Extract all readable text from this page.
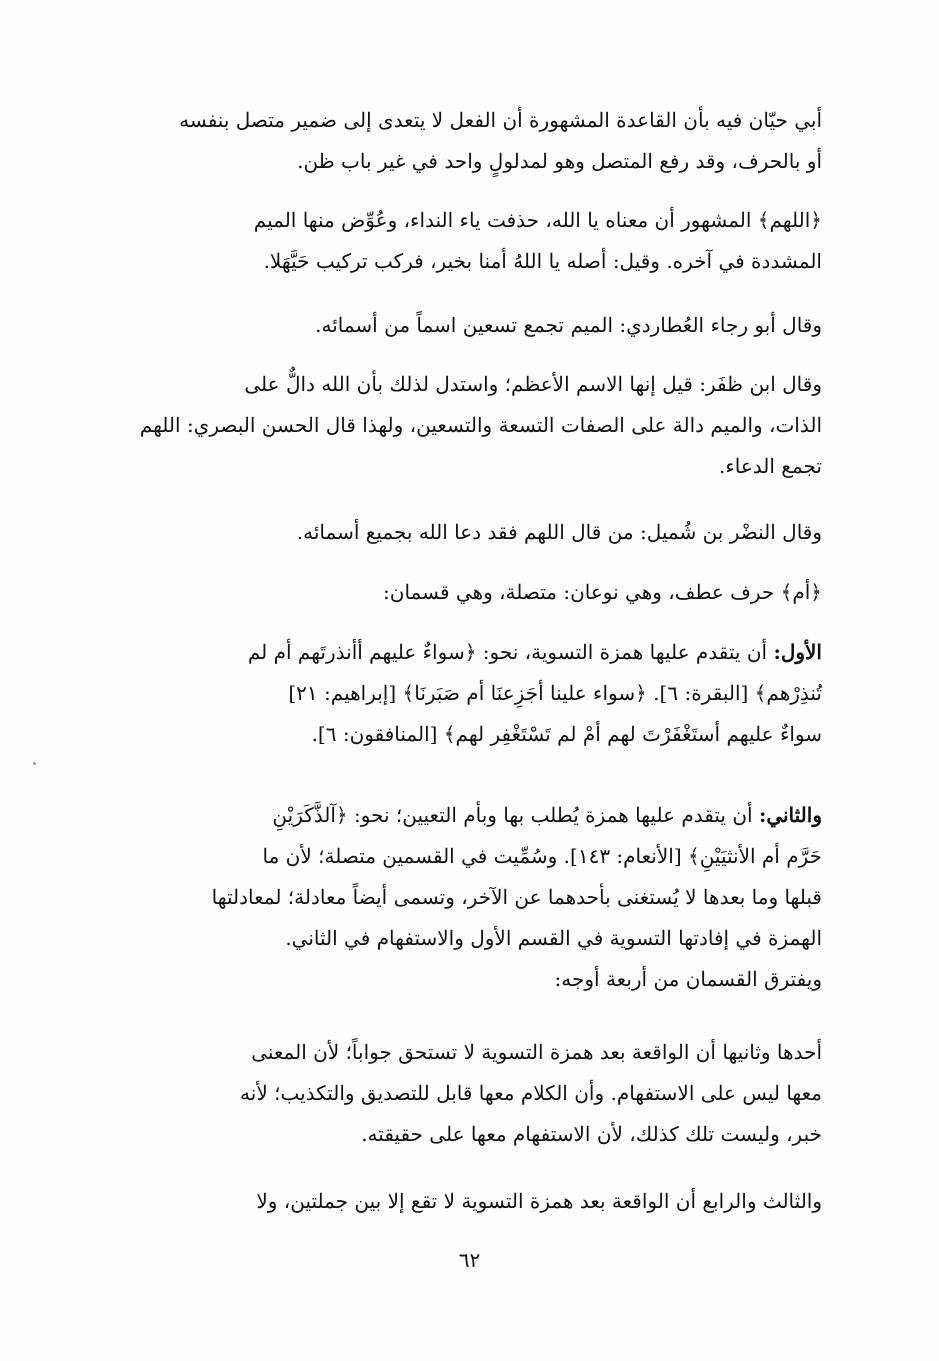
أبي حيّان فيه بأن القاعدة المشهورة أن الفعل لا يتعدى إلى ضمير متصل بنفسه

أو بالحرف، وقد رفع المتصل وهو لمدلولٍ واحد في غير باب ظن.

﴿اللهم﴾ المشهور أن معناه يا الله، حذفت ياء النداء، وعُوِّض منها الميم

المشددة في آخره. وقيل: أصله يا اللهُ أمنا بخير، فركب تركيب حَيَّهَلا.

وقال أبو رجاء العُطاردي: الميم تجمع تسعين اسماً من أسمائه.

وقال ابن ظفَر: قيل إنها الاسم الأعظم؛ واستدل لذلك بأن الله دالٌّ على

الذات، والميم دالة على الصفات التسعة والتسعين، ولهذا قال الحسن البصري: اللهم

تجمع الدعاء.

وقال النضْر بن شُميل: من قال اللهم فقد دعا الله بجميع أسمائه.

﴿أم﴾ حرف عطف، وهي نوعان: متصلة، وهي قسمان:

الأول: أن يتقدم عليها همزة التسوية، نحو: ﴿سواءٌ عليهم أأنذرتَهم أم لم

تُنذِرْهم﴾ [البقرة: ٦]. ﴿سواء علينا أجَزِعنَا أم صَبَرنَا﴾ [إبراهيم: ٢١]

سواءٌ عليهم أستَغْفَرْتَ لهم أمْ لم تَسْتَغْفِر لهم﴾ [المنافقون: ٦].

والثاني: أن يتقدم عليها همزة يُطلب بها وبأم التعيين؛ نحو: ﴿آلذَّكَرَيْنِ

حَرَّم أم الأنثيَيْنِ﴾ [الأنعام: ١٤٣]. وسُمِّيت في القسمين متصلة؛ لأن ما

قبلها وما بعدها لا يُستغنى بأحدهما عن الآخر، وتسمى أيضاً معادلة؛ لمعادلتها

الهمزة في إفادتها التسوية في القسم الأول والاستفهام في الثاني.

ويفترق القسمان من أربعة أوجه:

أحدها وثانيها أن الواقعة بعد همزة التسوية لا تستحق جواباً؛ لأن المعنى

معها ليس على الاستفهام. وأن الكلام معها قابل للتصديق والتكذيب؛ لأنه

خبر، وليست تلك كذلك، لأن الاستفهام معها على حقيقته.

والثالث والرابع أن الواقعة بعد همزة التسوية لا تقع إلا بين جملتين، ولا

٦٢
